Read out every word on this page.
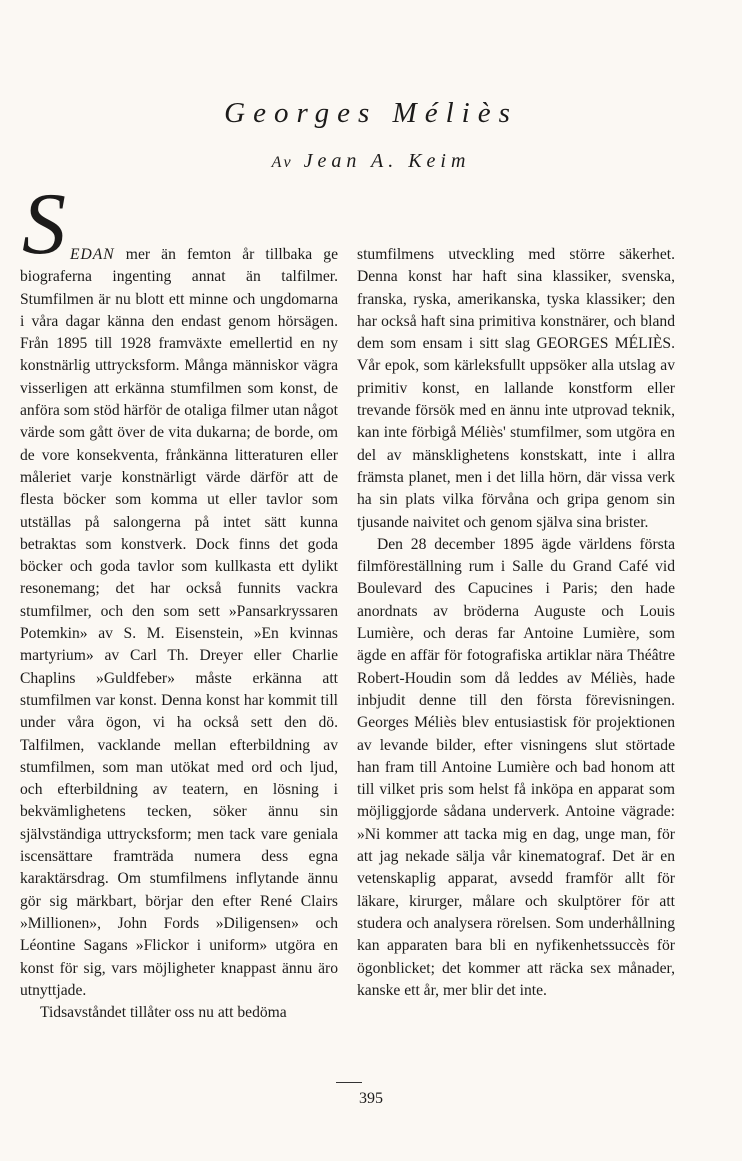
Georges Méliès
Av Jean A. Keim

SEDAN mer än femton år tillbaka ge biograferna ingenting annat än talfilmer. Stumfilmen är nu blott ett minne och ungdomarna i våra dagar känna den endast genom hörsägen. Från 1895 till 1928 framväxte emellertid en ny konstnärlig uttrycksform. Många människor vägra visserligen att erkänna stumfilmen som konst, de anföra som stöd härför de otaliga filmer utan något värde som gått över de vita dukarna; de borde, om de vore konsekventa, frånkänna litteraturen eller måleriet varje konstnärligt värde därför att de flesta böcker som komma ut eller tavlor som utställas på salongerna på intet sätt kunna betraktas som konstverk. Dock finns det goda böcker och goda tavlor som kullkasta ett dylikt resonemang; det har också funnits vackra stumfilmer, och den som sett »Pansarkryssaren Potemkin» av S. M. Eisenstein, »En kvinnas martyrium» av Carl Th. Dreyer eller Charlie Chaplins »Guldfeber» måste erkänna att stumfilmen var konst. Denna konst har kommit till under våra ögon, vi ha också sett den dö. Talfilmen, vacklande mellan efterbildning av stumfilmen, som man utökat med ord och ljud, och efterbildning av teatern, en lösning i bekvämlighetens tecken, söker ännu sin självständiga uttrycksform; men tack vare geniala iscensättare framträda numera dess egna karaktärsdrag. Om stumfilmens inflytande ännu gör sig märkbart, börjar den efter René Clairs »Millionen», John Fords »Diligensen» och Léontine Sagans »Flickor i uniform» utgöra en konst för sig, vars möjligheter knappast ännu äro utnyttjade.

Tidsavståndet tillåter oss nu att bedöma

stumfilmens utveckling med större säkerhet. Denna konst har haft sina klassiker, svenska, franska, ryska, amerikanska, tyska klassiker; den har också haft sina primitiva konstnärer, och bland dem som ensam i sitt slag GEORGES MÉLIÈS. Vår epok, som kärleksfullt uppsöker alla utslag av primitiv konst, en lallande konstform eller trevande försök med en ännu inte utprovad teknik, kan inte förbigå Méliès' stumfilmer, som utgöra en del av mänsklighetens konstskatt, inte i allra främsta planet, men i det lilla hörn, där vissa verk ha sin plats vilka förvåna och gripa genom sin tjusande naivitet och genom själva sina brister.

Den 28 december 1895 ägde världens första filmföreställning rum i Salle du Grand Café vid Boulevard des Capucines i Paris; den hade anordnats av bröderna Auguste och Louis Lumière, och deras far Antoine Lumière, som ägde en affär för fotografiska artiklar nära Théâtre Robert-Houdin som då leddes av Méliès, hade inbjudit denne till den första förevisningen. Georges Méliès blev entusiastisk för projektionen av levande bilder, efter visningens slut störtade han fram till Antoine Lumière och bad honom att till vilket pris som helst få inköpa en apparat som möjliggjorde sådana underverk. Antoine vägrade: »Ni kommer att tacka mig en dag, unge man, för att jag nekade sälja vår kinematograf. Det är en vetenskaplig apparat, avsedd framför allt för läkare, kirurger, målare och skulptörer för att studera och analysera rörelsen. Som underhållning kan apparaten bara bli en nyfikenhetssuccès för ögonblicket; det kommer att räcka sex månader, kanske ett år, mer blir det inte.

395
